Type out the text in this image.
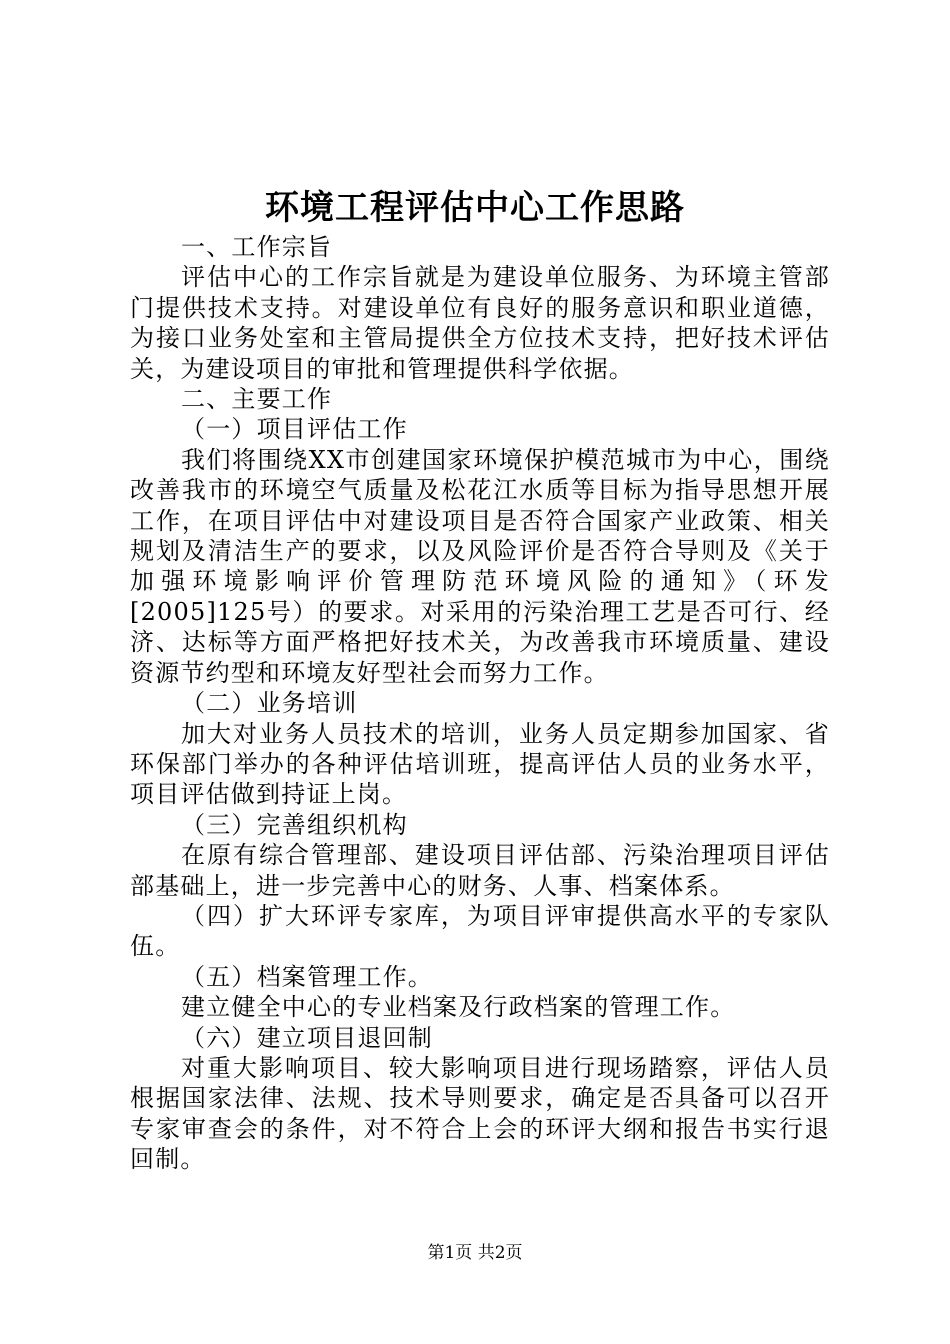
环境工程评估中心工作思路

一、工作宗旨

评估中心的工作宗旨就是为建设单位服务、为环境主管部门提供技术支持。对建设单位有良好的服务意识和职业道德，为接口业务处室和主管局提供全方位技术支持，把好技术评估关，为建设项目的审批和管理提供科学依据。

二、主要工作

（一）项目评估工作

我们将围绕XX市创建国家环境保护模范城市为中心，围绕改善我市的环境空气质量及松花江水质等目标为指导思想开展工作，在项目评估中对建设项目是否符合国家产业政策、相关规划及清洁生产的要求，以及风险评价是否符合导则及《关于加强环境影响评价管理防范环境风险的通知》（环发[2005]125号）的要求。对采用的污染治理工艺是否可行、经济、达标等方面严格把好技术关，为改善我市环境质量、建设资源节约型和环境友好型社会而努力工作。

（二）业务培训

加大对业务人员技术的培训，业务人员定期参加国家、省环保部门举办的各种评估培训班，提高评估人员的业务水平，项目评估做到持证上岗。

（三）完善组织机构

在原有综合管理部、建设项目评估部、污染治理项目评估部基础上，进一步完善中心的财务、人事、档案体系。

（四）扩大环评专家库，为项目评审提供高水平的专家队伍。

（五）档案管理工作。

建立健全中心的专业档案及行政档案的管理工作。

（六）建立项目退回制

对重大影响项目、较大影响项目进行现场踏察，评估人员根据国家法律、法规、技术导则要求，确定是否具备可以召开专家审查会的条件，对不符合上会的环评大纲和报告书实行退回制。

第1页 共2页
